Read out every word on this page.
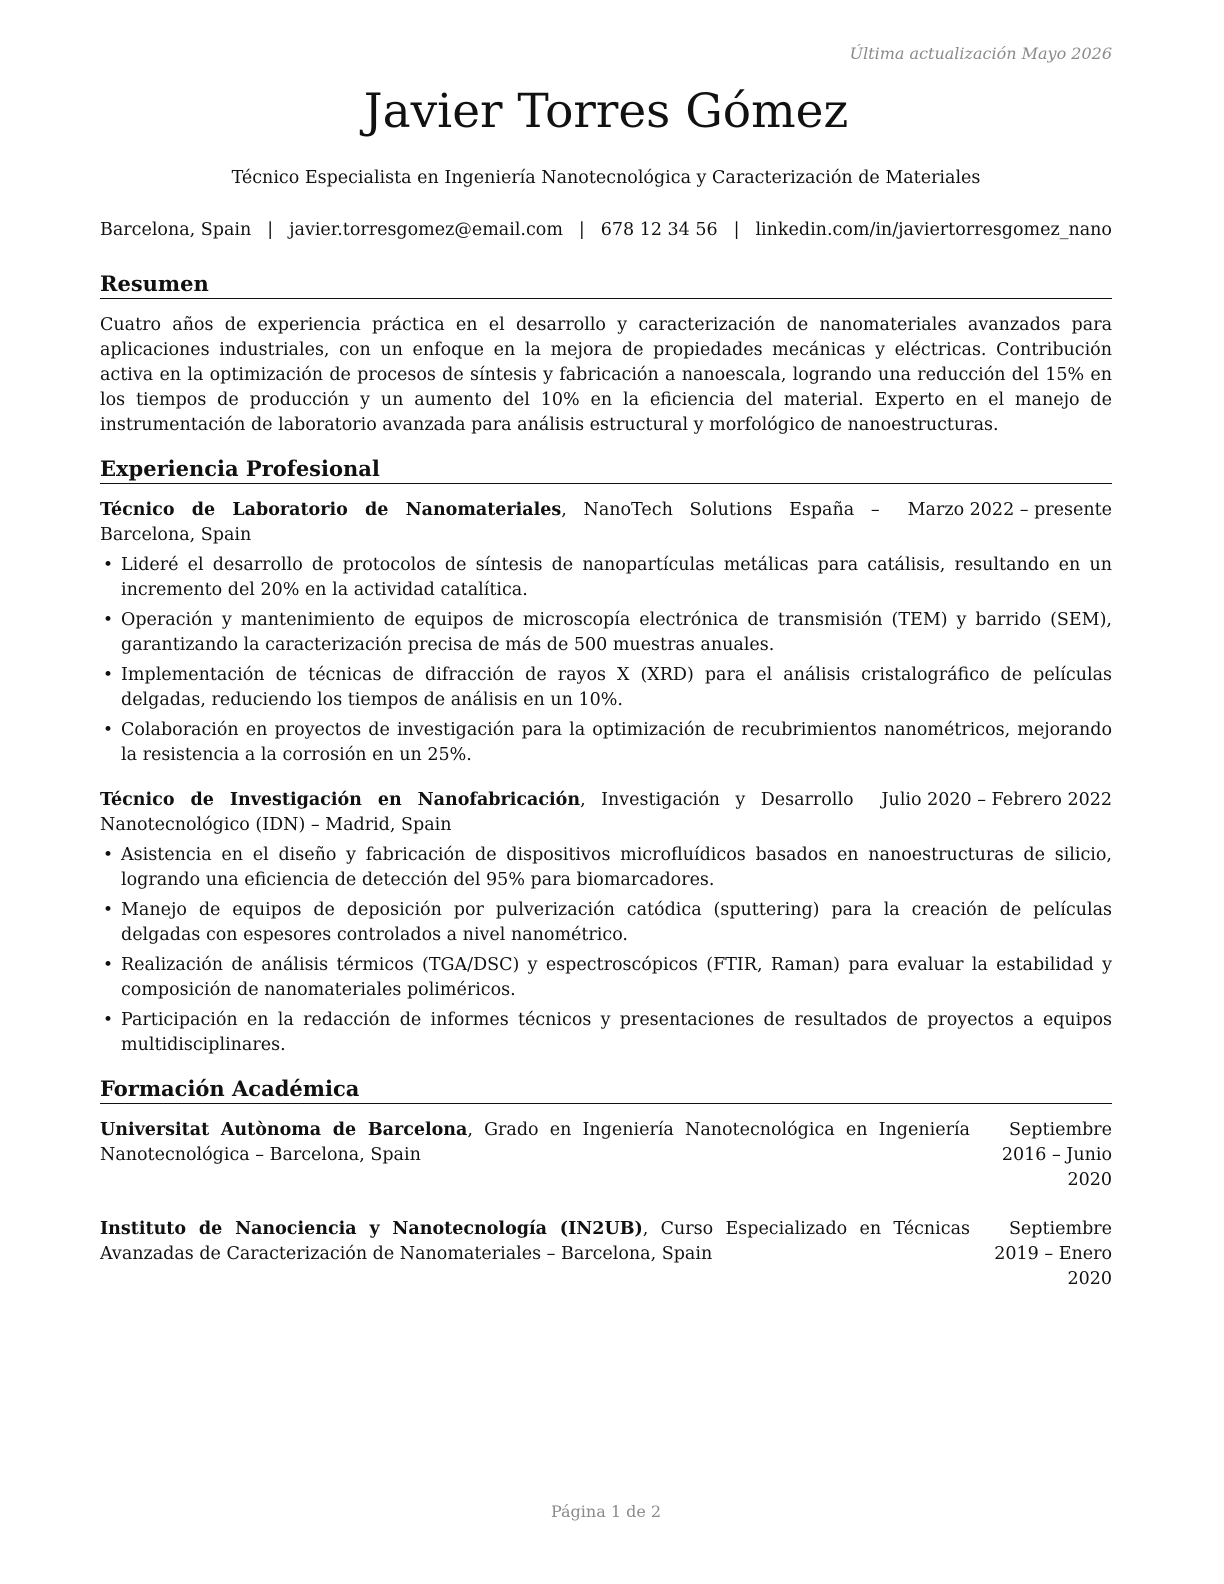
Última actualización Mayo 2026
Javier Torres Gómez
Técnico Especialista en Ingeniería Nanotecnológica y Caracterización de Materiales
Barcelona, Spain | javier.torresgomez@email.com | 678 12 34 56 | linkedin.com/in/javiertorresgomez_nano
Resumen

Cuatro años de experiencia práctica en el desarrollo y caracterización de nanomateriales avanzados para aplicaciones industriales, con un enfoque en la mejora de propiedades mecánicas y eléctricas. Contribución activa en la optimización de procesos de síntesis y fabricación a nanoescala, logrando una reducción del 15% en los tiempos de producción y un aumento del 10% en la eficiencia del material. Experto en el manejo de instrumentación de laboratorio avanzada para análisis estructural y morfológico de nanoestructuras.

Experiencia Profesional
Técnico de Laboratorio de Nanomateriales, NanoTech Solutions España – Barcelona, Spain
Marzo 2022 – presente
• Lideré el desarrollo de protocolos de síntesis de nanopartículas metálicas para catálisis, resultando en un incremento del 20% en la actividad catalítica.
• Operación y mantenimiento de equipos de microscopía electrónica de transmisión (TEM) y barrido (SEM), garantizando la caracterización precisa de más de 500 muestras anuales.
• Implementación de técnicas de difracción de rayos X (XRD) para el análisis cristalográfico de películas delgadas, reduciendo los tiempos de análisis en un 10%.
• Colaboración en proyectos de investigación para la optimización de recubrimientos nanométricos, mejorando la resistencia a la corrosión en un 25%.
Técnico de Investigación en Nanofabricación, Investigación y Desarrollo Nanotecnológico (IDN) – Madrid, Spain
Julio 2020 – Febrero 2022
• Asistencia en el diseño y fabricación de dispositivos microfluídicos basados en nanoestructuras de silicio, logrando una eficiencia de detección del 95% para biomarcadores.
• Manejo de equipos de deposición por pulverización catódica (sputtering) para la creación de películas delgadas con espesores controlados a nivel nanométrico.
• Realización de análisis térmicos (TGA/DSC) y espectroscópicos (FTIR, Raman) para evaluar la estabilidad y composición de nanomateriales poliméricos.
• Participación en la redacción de informes técnicos y presentaciones de resultados de proyectos a equipos multidisciplinares.
Formación Académica
Universitat Autònoma de Barcelona, Grado en Ingeniería Nanotecnológica en Ingeniería Nanotecnológica – Barcelona, Spain
Septiembre 2016 – Junio 2020
Instituto de Nanociencia y Nanotecnología (IN2UB), Curso Especializado en Técnicas Avanzadas de Caracterización de Nanomateriales – Barcelona, Spain
Septiembre 2019 – Enero 2020
Página 1 de 2
